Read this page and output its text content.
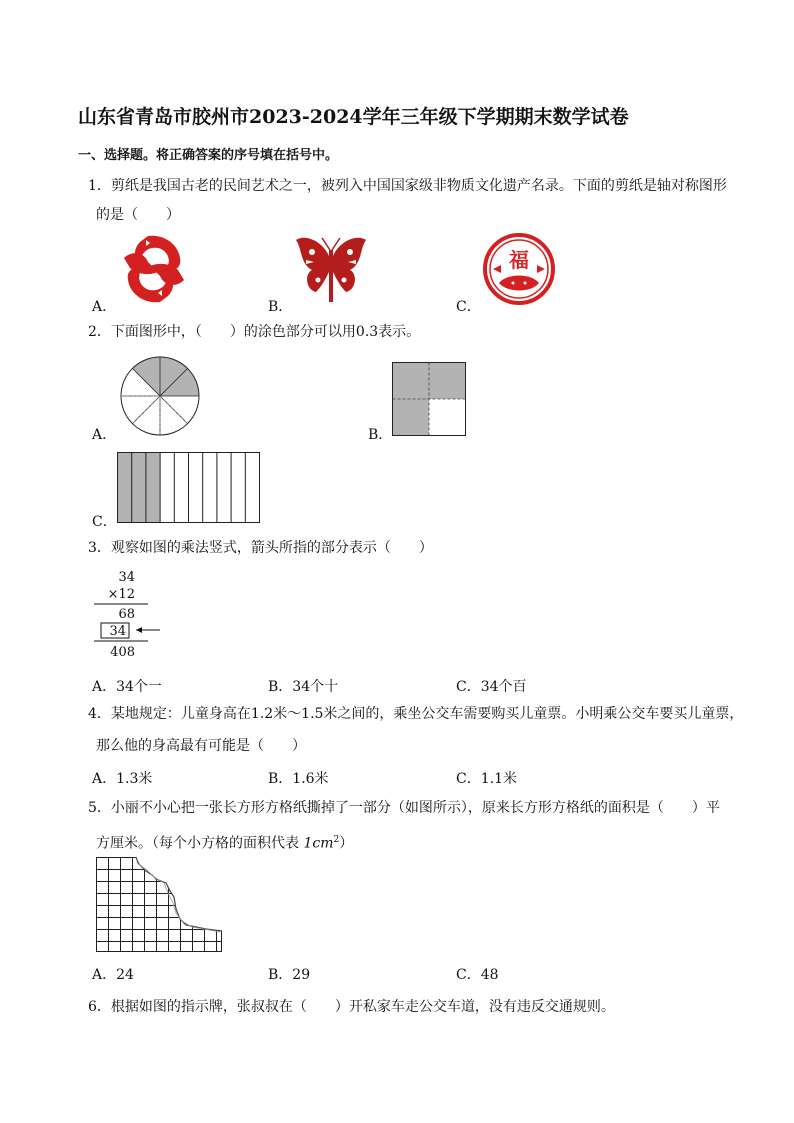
山东省青岛市胶州市2023-2024学年三年级下学期期末数学试卷
一、选择题。将正确答案的序号填在括号中。
1．剪纸是我国古老的民间艺术之一，被列入中国国家级非物质文化遗产名录。下面的剪纸是轴对称图形
的是（　　）
A．	B．
福
C．
2．下面图形中，（　　）的涂色部分可以用0.3表示。
A．	B．
C．
3．观察如图的乘法竖式，箭头所指的部分表示（　　）
34
×12
68
34
408
A．34个一	B．34个十	C．34个百
4．某地规定：儿童身高在1.2米～1.5米之间的，乘坐公交车需要购买儿童票。小明乘公交车要买儿童票，
那么他的身高最有可能是（　　）
A．1.3米	B．1.6米	C．1.1米
5．小丽不小心把一张长方形方格纸撕掉了一部分（如图所示），原来长方形方格纸的面积是（　　）平
方厘米。（每个小方格的面积代表 $1cm^2$）
A．24	B．29	C．48
6．根据如图的指示牌，张叔叔在（　　）开私家车走公交车道，没有违反交通规则。
